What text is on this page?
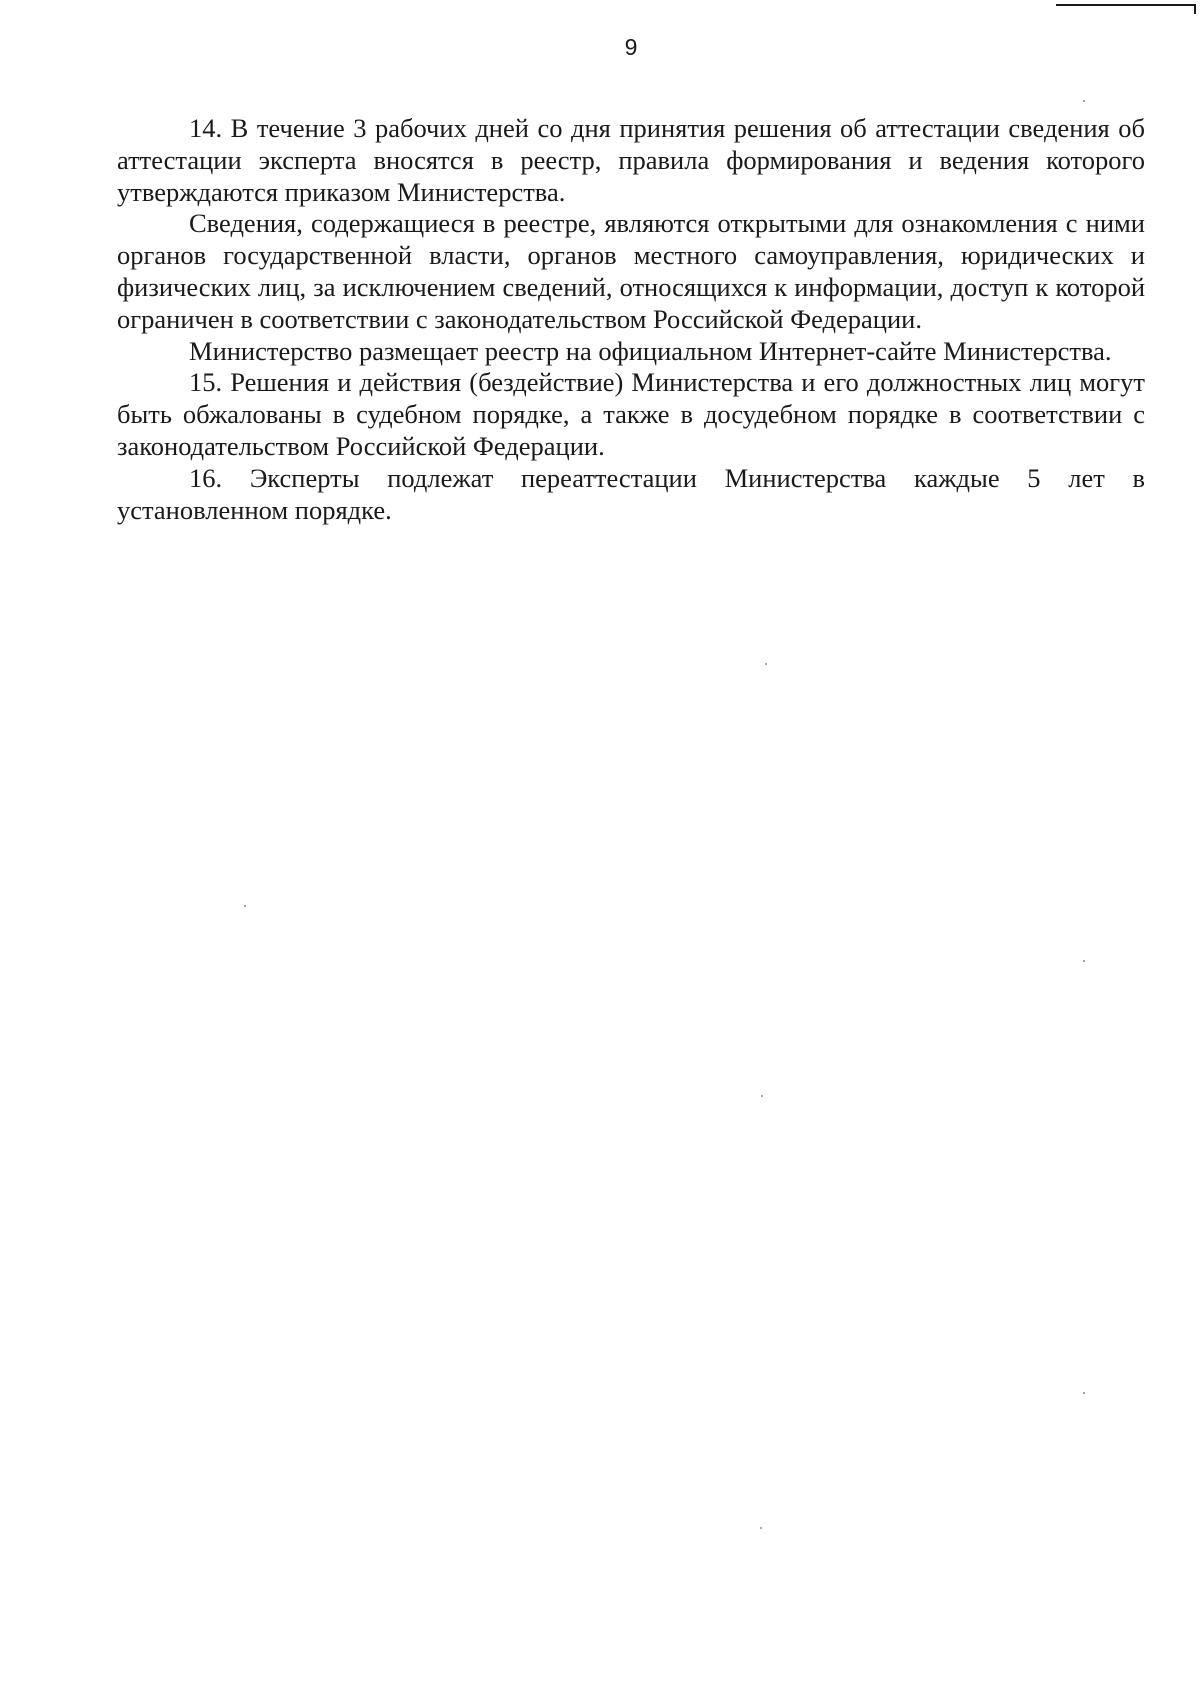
9

14. В течение 3 рабочих дней со дня принятия решения об аттестации сведения об аттестации эксперта вносятся в реестр, правила формирования и ведения которого утверждаются приказом Министерства.

Сведения, содержащиеся в реестре, являются открытыми для ознакомления с ними органов государственной власти, органов местного самоуправления, юридических и физических лиц, за исключением сведений, относящихся к информации, доступ к которой ограничен в соответствии с законодательством Российской Федерации.

Министерство размещает реестр на официальном Интернет-сайте Министерства.

15. Решения и действия (бездействие) Министерства и его должностных лиц могут быть обжалованы в судебном порядке, а также в досудебном порядке в соответствии с законодательством Российской Федерации.

16. Эксперты подлежат переаттестации Министерства каждые 5 лет в установленном порядке.
